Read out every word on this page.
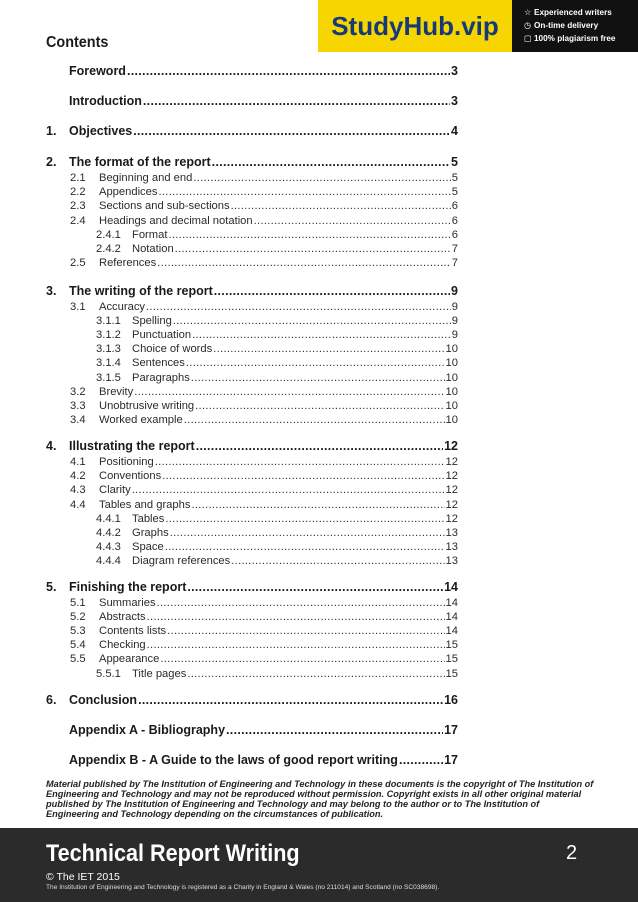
Contents
Foreword .....	3
Introduction .....	3
1.	Objectives .....	4
2.	The format of the report .....	5
2.1	Beginning and end .....	5
2.2	Appendices .....	5
2.3	Sections and sub-sections .....	6
2.4	Headings and decimal notation .....	6
2.4.1 Format .....	6
2.4.2 Notation .....	7
2.5	References .....	7
3.	The writing of the report .....	9
3.1	Accuracy .....	9
3.1.1 Spelling .....	9
3.1.2 Punctuation .....	9
3.1.3 Choice of words .....	10
3.1.4 Sentences .....	10
3.1.5 Paragraphs .....	10
3.2	Brevity .....	10
3.3	Unobtrusive writing .....	10
3.4	Worked example .....	10
4.	Illustrating the report .....	12
4.1	Positioning .....	12
4.2	Conventions .....	12
4.3	Clarity .....	12
4.4	Tables and graphs .....	12
4.4.1 Tables .....	12
4.4.2 Graphs .....	13
4.4.3 Space .....	13
4.4.4 Diagram references .....	13
5.	Finishing the report .....	14
5.1	Summaries .....	14
5.2	Abstracts .....	14
5.3	Contents lists .....	14
5.4	Checking .....	15
5.5	Appearance .....	15
5.5.1 Title pages .....	15
6.	Conclusion .....	16
Appendix A - Bibliography .....	17
Appendix B - A Guide to the laws of good report writing .....	17
Material published by The Institution of Engineering and Technology in these documents is the copyright of The Institution of Engineering and Technology and may not be reproduced without permission. Copyright exists in all other original material published by The Institution of Engineering and Technology and may belong to the author or to The Institution of Engineering and Technology depending on the circumstances of publication.
Technical Report Writing	2
© The IET 2015
The Institution of Engineering and Technology is registered as a Charity in England & Wales (no 211014) and Scotland (no SC038698).
StudyHub.vip	☆ Experienced writers
◷ On-time delivery
▢ 100% plagiarism free
